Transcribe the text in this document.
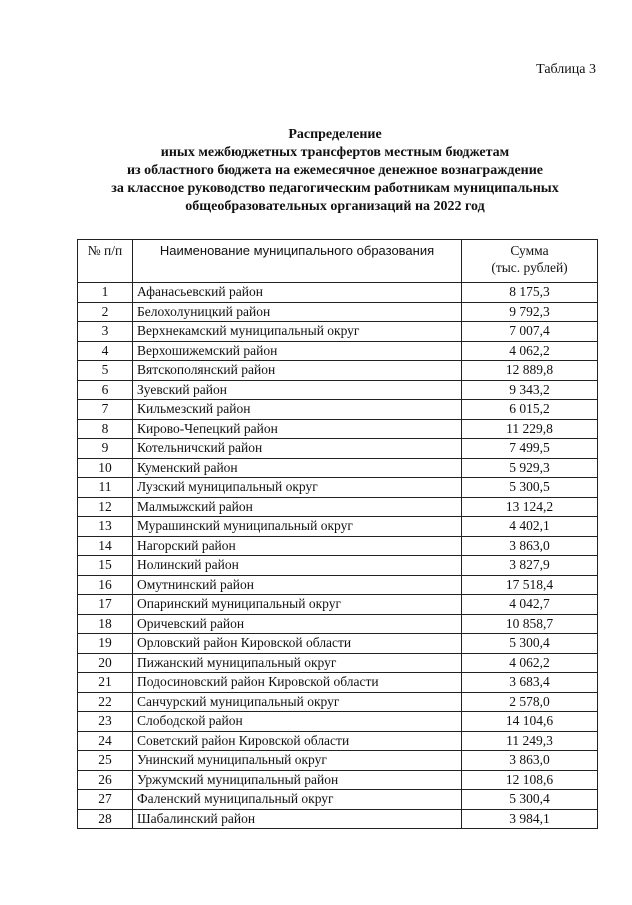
Таблица 3
Распределение
иных межбюджетных трансфертов местным бюджетам
из областного бюджета на ежемесячное денежное вознаграждение
за классное руководство педагогическим работникам муниципальных
общеобразовательных организаций на 2022 год
№ п/п	Наименование муниципального образования	Сумма
(тыс. рублей)

1	Афанасьевский район	8 175,3
2	Белохолуницкий район	9 792,3
3	Верхнекамский муниципальный округ	7 007,4
4	Верхошижемский район	4 062,2
5	Вятскополянский район	12 889,8
6	Зуевский район	9 343,2
7	Кильмезский район	6 015,2
8	Кирово-Чепецкий район	11 229,8
9	Котельничский район	7 499,5
10	Куменский район	5 929,3
11	Лузский муниципальный округ	5 300,5
12	Малмыжский район	13 124,2
13	Мурашинский муниципальный округ	4 402,1
14	Нагорский район	3 863,0
15	Нолинский район	3 827,9
16	Омутнинский район	17 518,4
17	Опаринский муниципальный округ	4 042,7
18	Оричевский район	10 858,7
19	Орловский район Кировской области	5 300,4
20	Пижанский муниципальный округ	4 062,2
21	Подосиновский район Кировской области	3 683,4
22	Санчурский муниципальный округ	2 578,0
23	Слободской район	14 104,6
24	Советский район Кировской области	11 249,3
25	Унинский муниципальный округ	3 863,0
26	Уржумский муниципальный район	12 108,6
27	Фаленский муниципальный округ	5 300,4
28	Шабалинский район	3 984,1
